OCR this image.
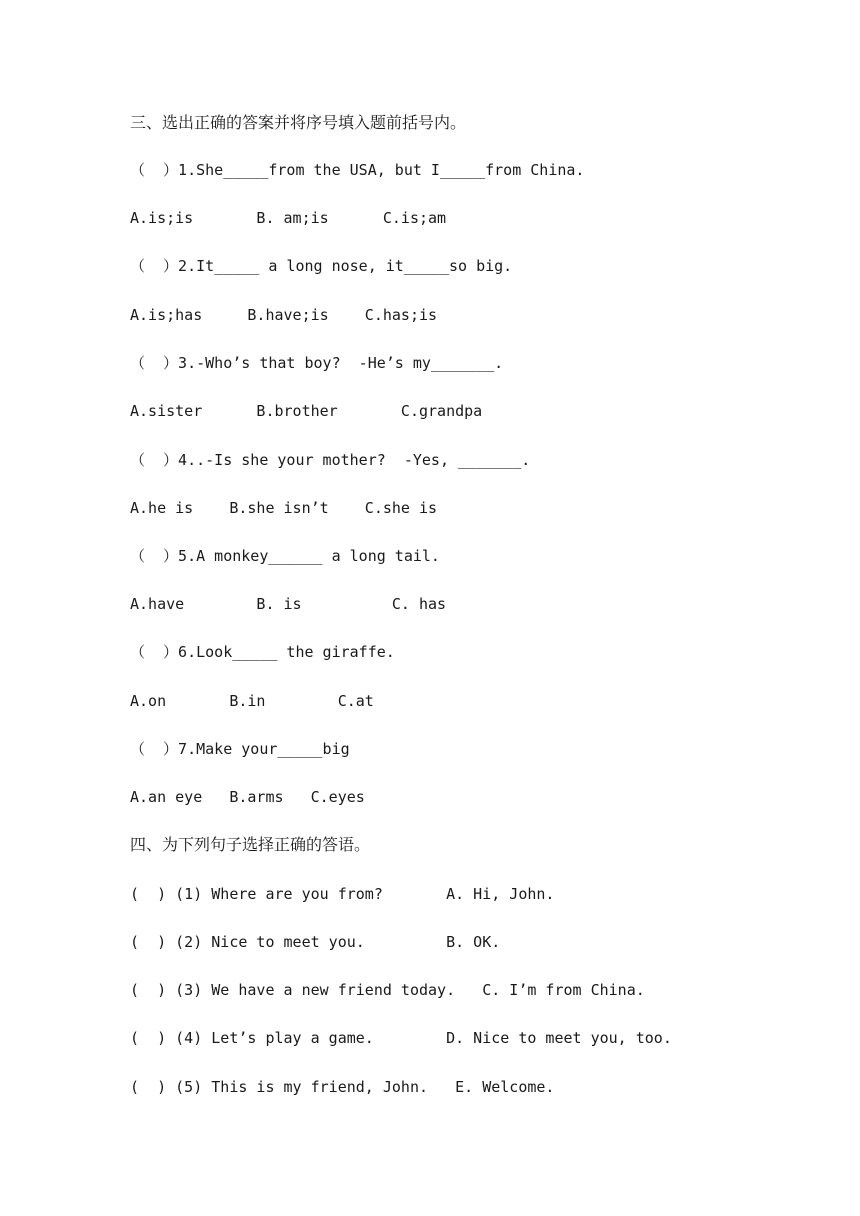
三、选出正确的答案并将序号填入题前括号内。
（  ）1.She_____from the USA, but I_____from China.
A.is;is       B. am;is      C.is;am
（  ）2.It_____ a long nose, it_____so big.
A.is;has     B.have;is    C.has;is
（  ）3.-Who’s that boy?  -He’s my_______.
A.sister      B.brother       C.grandpa
（  ）4..-Is she your mother?  -Yes, _______.
A.he is    B.she isn’t    C.she is
（  ）5.A monkey______ a long tail.
A.have        B. is          C. has
（  ）6.Look_____ the giraffe.
A.on       B.in        C.at
（  ）7.Make your_____big
A.an eye   B.arms   C.eyes
四、为下列句子选择正确的答语。
(  ) (1) Where are you from?       A. Hi, John.
(  ) (2) Nice to meet you.         B. OK.
(  ) (3) We have a new friend today.   C. I’m from China.
(  ) (4) Let’s play a game.        D. Nice to meet you, too.
(  ) (5) This is my friend, John.   E. Welcome.
